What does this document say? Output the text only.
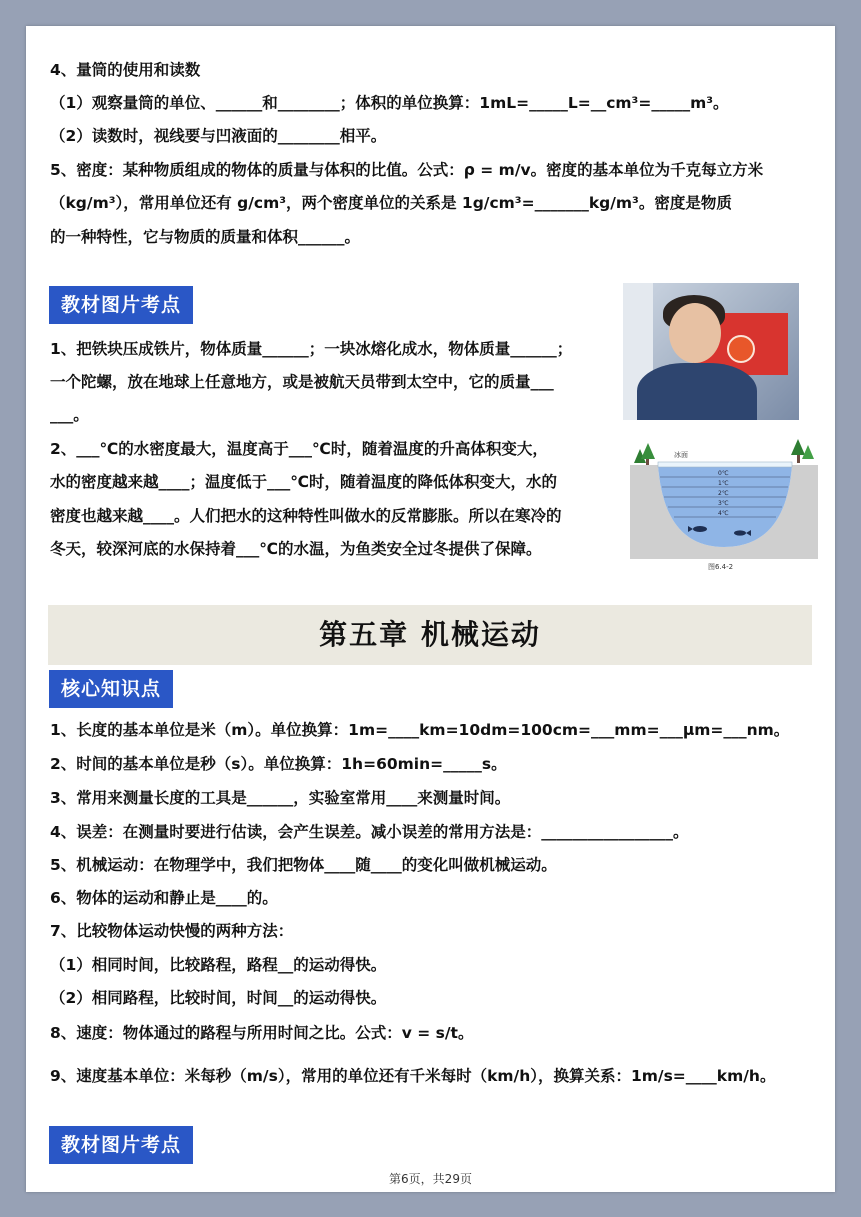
4、量筒的使用和读数
（1）观察量筒的单位、______和________；体积的单位换算：1mL=_____L=__cm³=_____m³。
（2）读数时，视线要与凹液面的________相平。
5、密度：某种物质组成的物体的质量与体积的比值。公式：ρ = m/v。密度的基本单位为千克每立方米
（kg/m³），常用单位还有 g/cm³，两个密度单位的关系是 1g/cm³=_______kg/m³。密度是物质
的一种特性，它与物质的质量和体积______。
教材图片考点
1、把铁块压成铁片，物体质量______；一块冰熔化成水，物体质量______；
一个陀螺，放在地球上任意地方，或是被航天员带到太空中，它的质量___
___。
2、___℃的水密度最大，温度高于___℃时，随着温度的升高体积变大，
水的密度越来越____；温度低于___℃时，随着温度的降低体积变大，水的
密度也越来越____。人们把水的这种特性叫做水的反常膨胀。所以在寒冷的
冬天，较深河底的水保持着___℃的水温，为鱼类安全过冬提供了保障。
冰面
0℃
1℃
2℃
3℃
4℃
图6.4-2
第五章 机械运动
核心知识点
1、长度的基本单位是米（m）。单位换算：1m=____km=10dm=100cm=___mm=___μm=___nm。
2、时间的基本单位是秒（s）。单位换算：1h=60min=_____s。
3、常用来测量长度的工具是______，实验室常用____来测量时间。
4、误差：在测量时要进行估读，会产生误差。减小误差的常用方法是：_________________。
5、机械运动：在物理学中，我们把物体____随____的变化叫做机械运动。
6、物体的运动和静止是____的。
7、比较物体运动快慢的两种方法：
（1）相同时间，比较路程，路程__的运动得快。
（2）相同路程，比较时间，时间__的运动得快。
8、速度：物体通过的路程与所用时间之比。公式：v = s/t。
9、速度基本单位：米每秒（m/s），常用的单位还有千米每时（km/h），换算关系：1m/s=____km/h。
教材图片考点
第6页，共29页
